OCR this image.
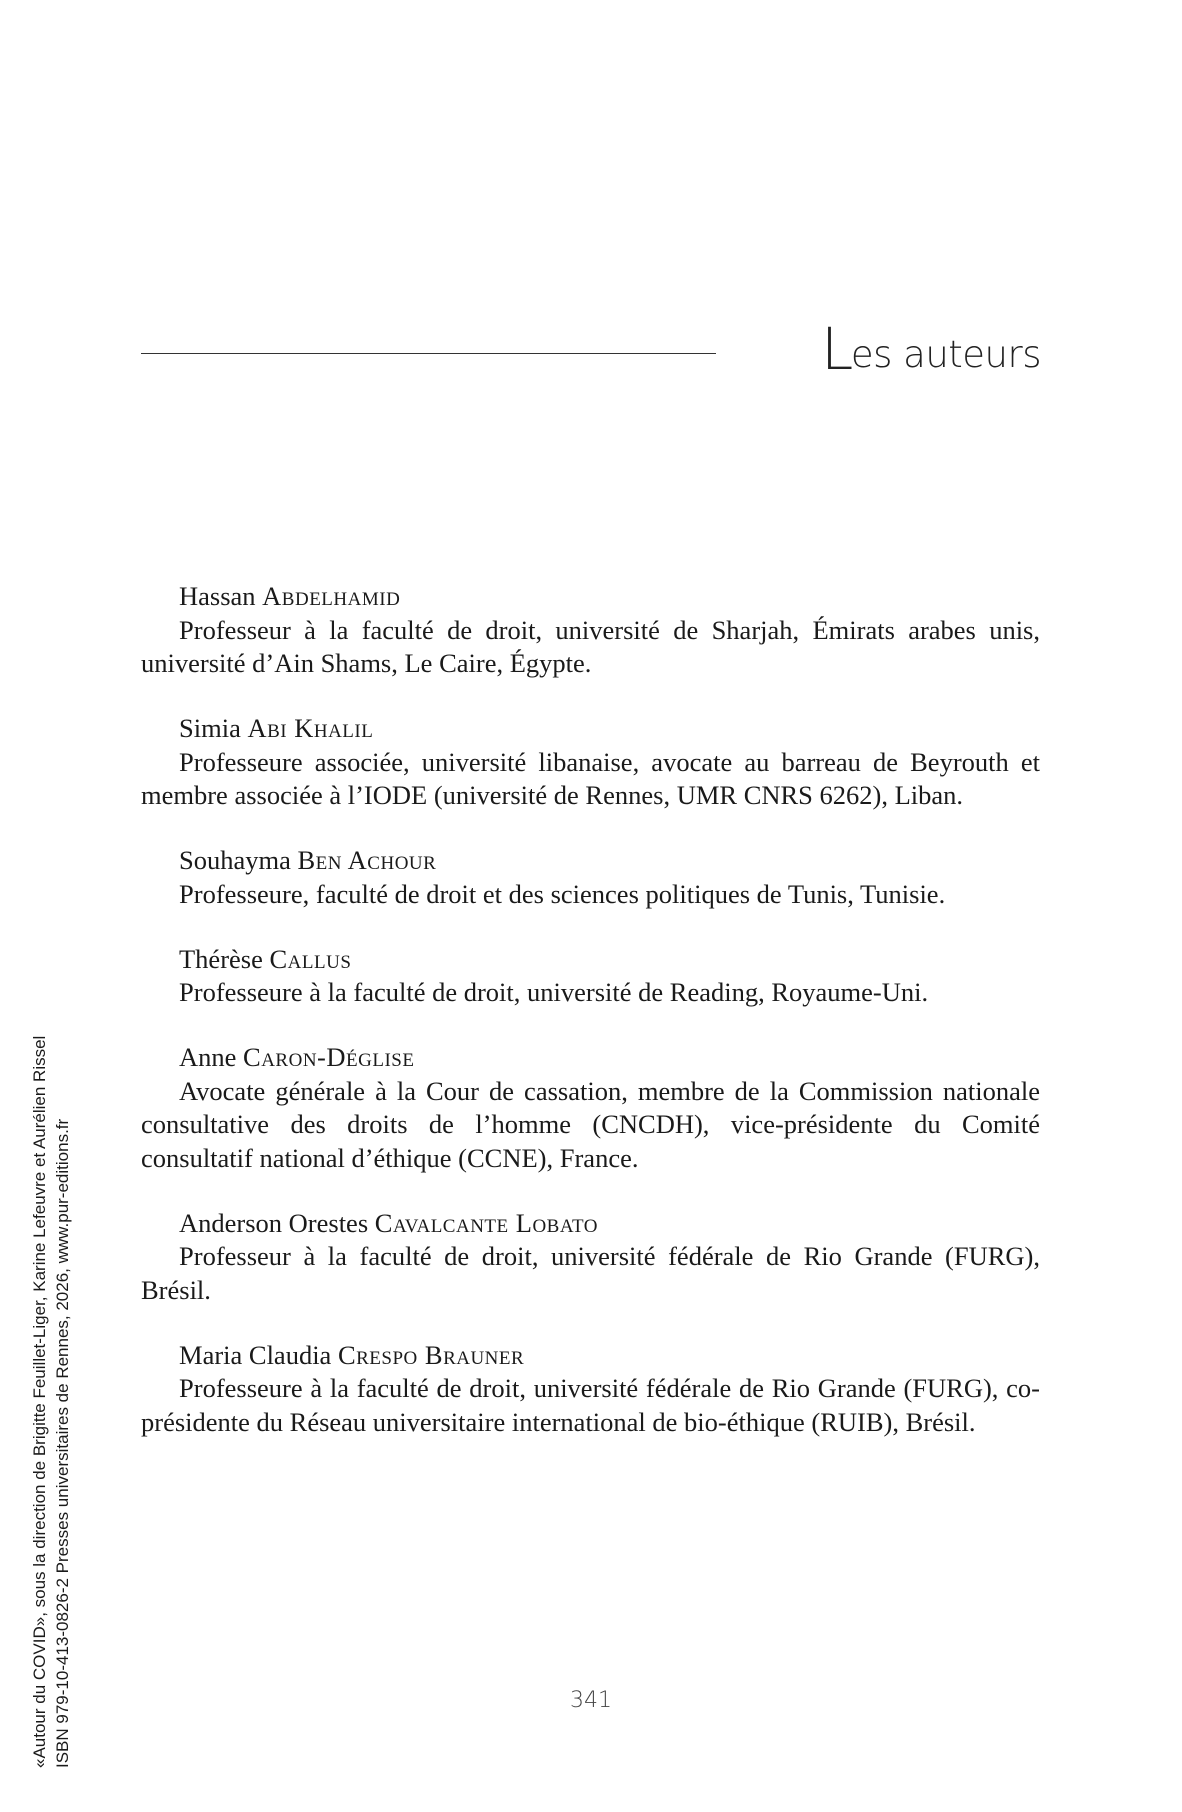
Les auteurs
Hassan Abdelhamid
Professeur à la faculté de droit, université de Sharjah, Émirats arabes unis, université d’Ain Shams, Le Caire, Égypte.
Simia Abi Khalil
Professeure associée, université libanaise, avocate au barreau de Beyrouth et membre associée à l’IODE (université de Rennes, UMR CNRS 6262), Liban.
Souhayma Ben Achour
Professeure, faculté de droit et des sciences politiques de Tunis, Tunisie.
Thérèse Callus
Professeure à la faculté de droit, université de Reading, Royaume-Uni.
Anne Caron-Déglise
Avocate générale à la Cour de cassation, membre de la Commission nationale consultative des droits de l’homme (CNCDH), vice-présidente du Comité consultatif national d’éthique (CCNE), France.
Anderson Orestes Cavalcante Lobato
Professeur à la faculté de droit, université fédérale de Rio Grande (FURG), Brésil.
Maria Claudia Crespo Brauner
Professeure à la faculté de droit, université fédérale de Rio Grande (FURG), co-présidente du Réseau universitaire international de bio-éthique (RUIB), Brésil.
«Autour du COVID», sous la direction de Brigitte Feuillet-Liger, Karine Lefeuvre et Aurélien Rissel ISBN 979-10-413-0826-2 Presses universitaires de Rennes, 2026, www.pur-editions.fr	341
